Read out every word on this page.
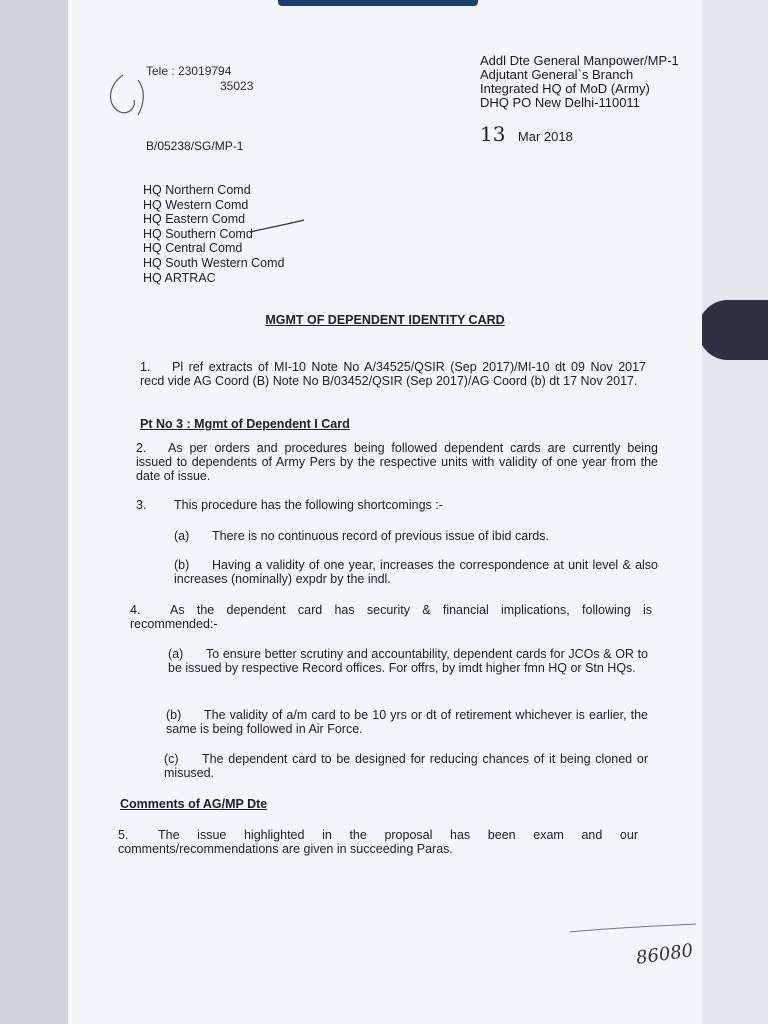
Tele : 23019794
35023
Addl Dte General Manpower/MP-1
Adjutant General`s Branch
Integrated HQ of MoD (Army)
DHQ PO New Delhi-110011
B/05238/SG/MP-1	13 Mar 2018
HQ Northern Comd
HQ Western Comd
HQ Eastern Comd
HQ Southern Comd
HQ Central Comd
HQ South Western Comd
HQ ARTRAC
MGMT OF DEPENDENT IDENTITY CARD
1. Pl ref extracts of MI-10 Note No A/34525/QSIR (Sep 2017)/MI-10 dt 09 Nov 2017 recd vide AG Coord (B) Note No B/03452/QSIR (Sep 2017)/AG Coord (b) dt 17 Nov 2017.
Pt No 3 : Mgmt of Dependent I Card
2. As per orders and procedures being followed dependent cards are currently being issued to dependents of Army Pers by the respective units with validity of one year from the date of issue.
3. This procedure has the following shortcomings :-
(a) There is no continuous record of previous issue of ibid cards.
(b) Having a validity of one year, increases the correspondence at unit level & also increases (nominally) expdr by the indl.
4. As the dependent card has security & financial implications, following is recommended:-
(a) To ensure better scrutiny and accountability, dependent cards for JCOs & OR to be issued by respective Record offices. For offrs, by imdt higher fmn HQ or Stn HQs.
(b) The validity of a/m card to be 10 yrs or dt of retirement whichever is earlier, the same is being followed in Air Force.
(c) The dependent card to be designed for reducing chances of it being cloned or misused.
Comments of AG/MP Dte
5. The issue highlighted in the proposal has been exam and our comments/recommendations are given in succeeding Paras.
86080
